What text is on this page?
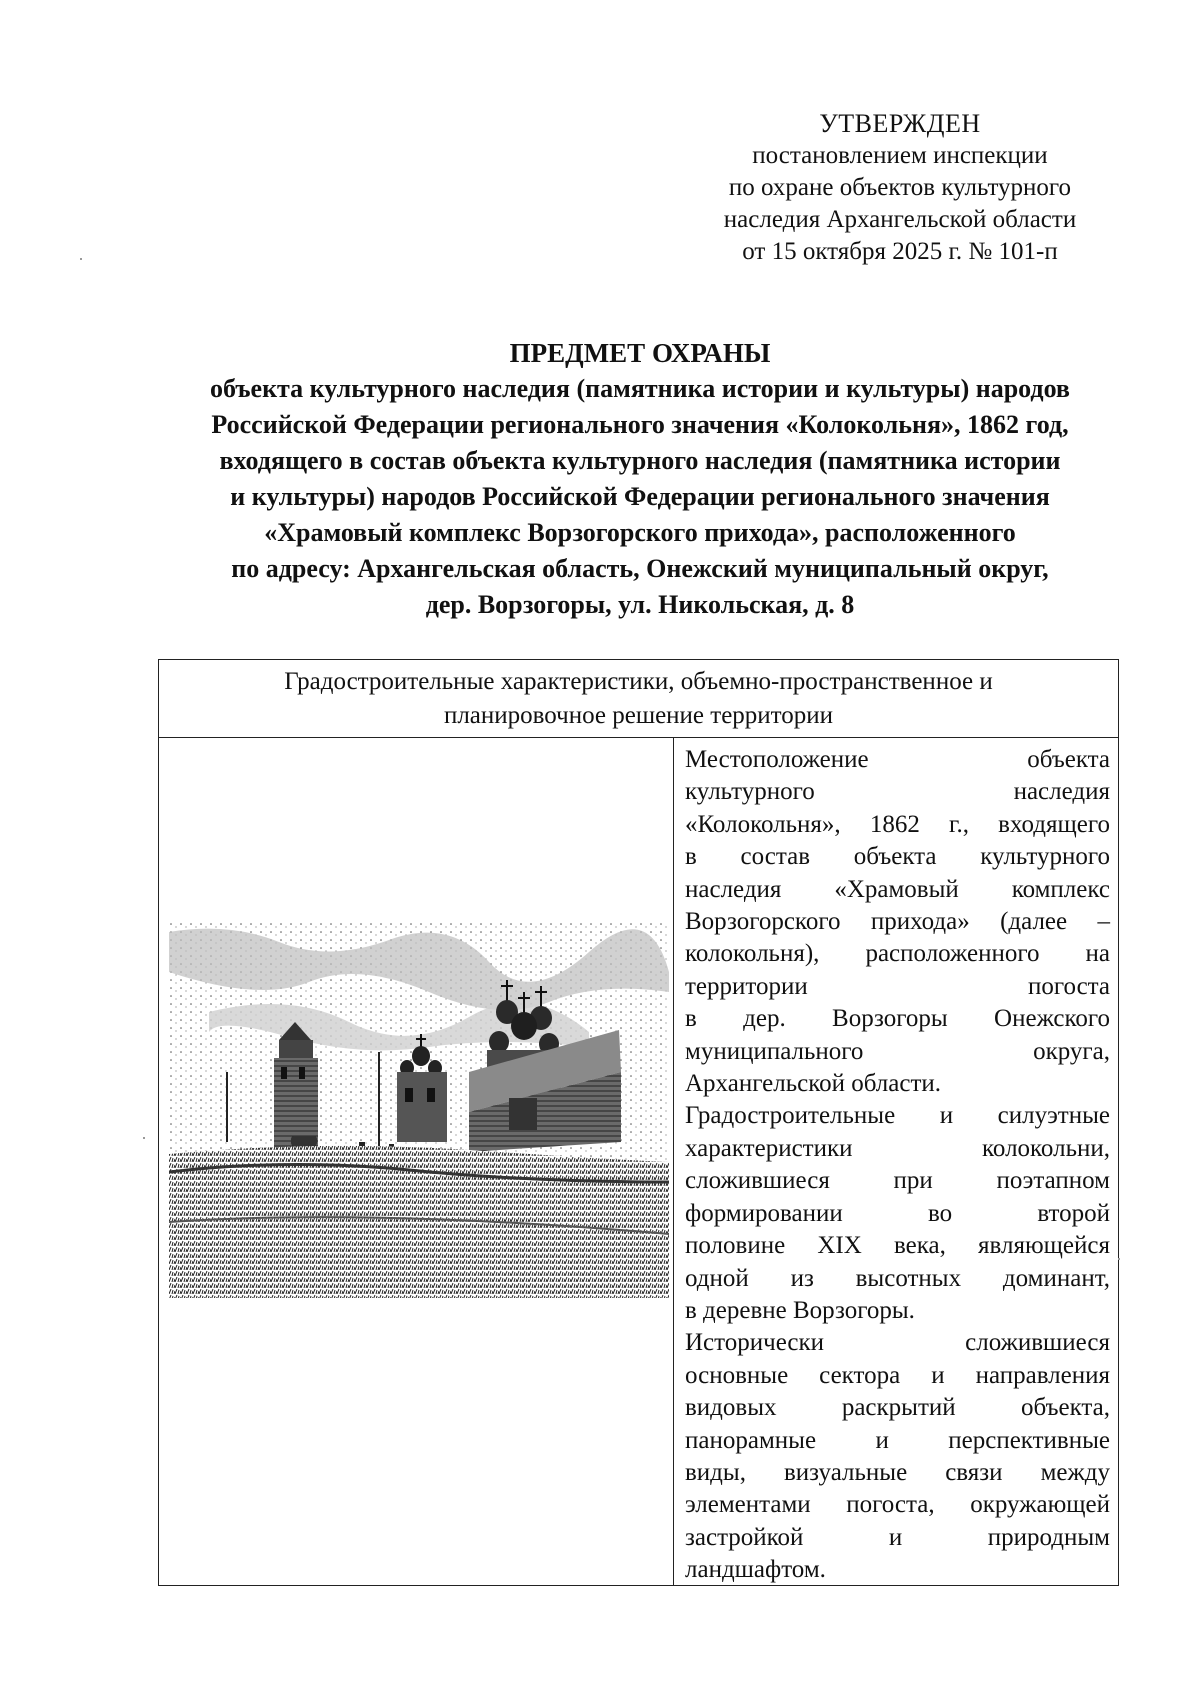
УТВЕРЖДЕН
постановлением инспекции
по охране объектов культурного
наследия Архангельской области
от 15 октября 2025 г. № 101-п
ПРЕДМЕТ ОХРАНЫ
объекта культурного наследия (памятника истории и культуры) народов
Российской Федерации регионального значения «Колокольня», 1862 год,
входящего в состав объекта культурного наследия (памятника истории
и культуры) народов Российской Федерации регионального значения
«Храмовый комплекс Ворзогорского прихода», расположенного
по адресу: Архангельская область, Онежский муниципальный округ,
дер. Ворзогоры, ул. Никольская, д. 8
Градостроительные характеристики, объемно-пространственное и
планировочное решение территории

Местоположение объекта
культурного наследия
«Колокольня», 1862 г., входящего
в состав объекта культурного
наследия «Храмовый комплекс
Ворзогорского прихода» (далее –
колокольня), расположенного на
территории погоста
в дер. Ворзогоры Онежского
муниципального округа,
Архангельской области.

Градостроительные и силуэтные
характеристики колокольни,
сложившиеся при поэтапном
формировании во второй
половине XIX века, являющейся
одной из высотных доминант,
в деревне Ворзогоры.

Исторически сложившиеся
основные сектора и направления
видовых раскрытий объекта,
панорамные и перспективные
виды, визуальные связи между
элементами погоста, окружающей
застройкой и природным
ландшафтом.
